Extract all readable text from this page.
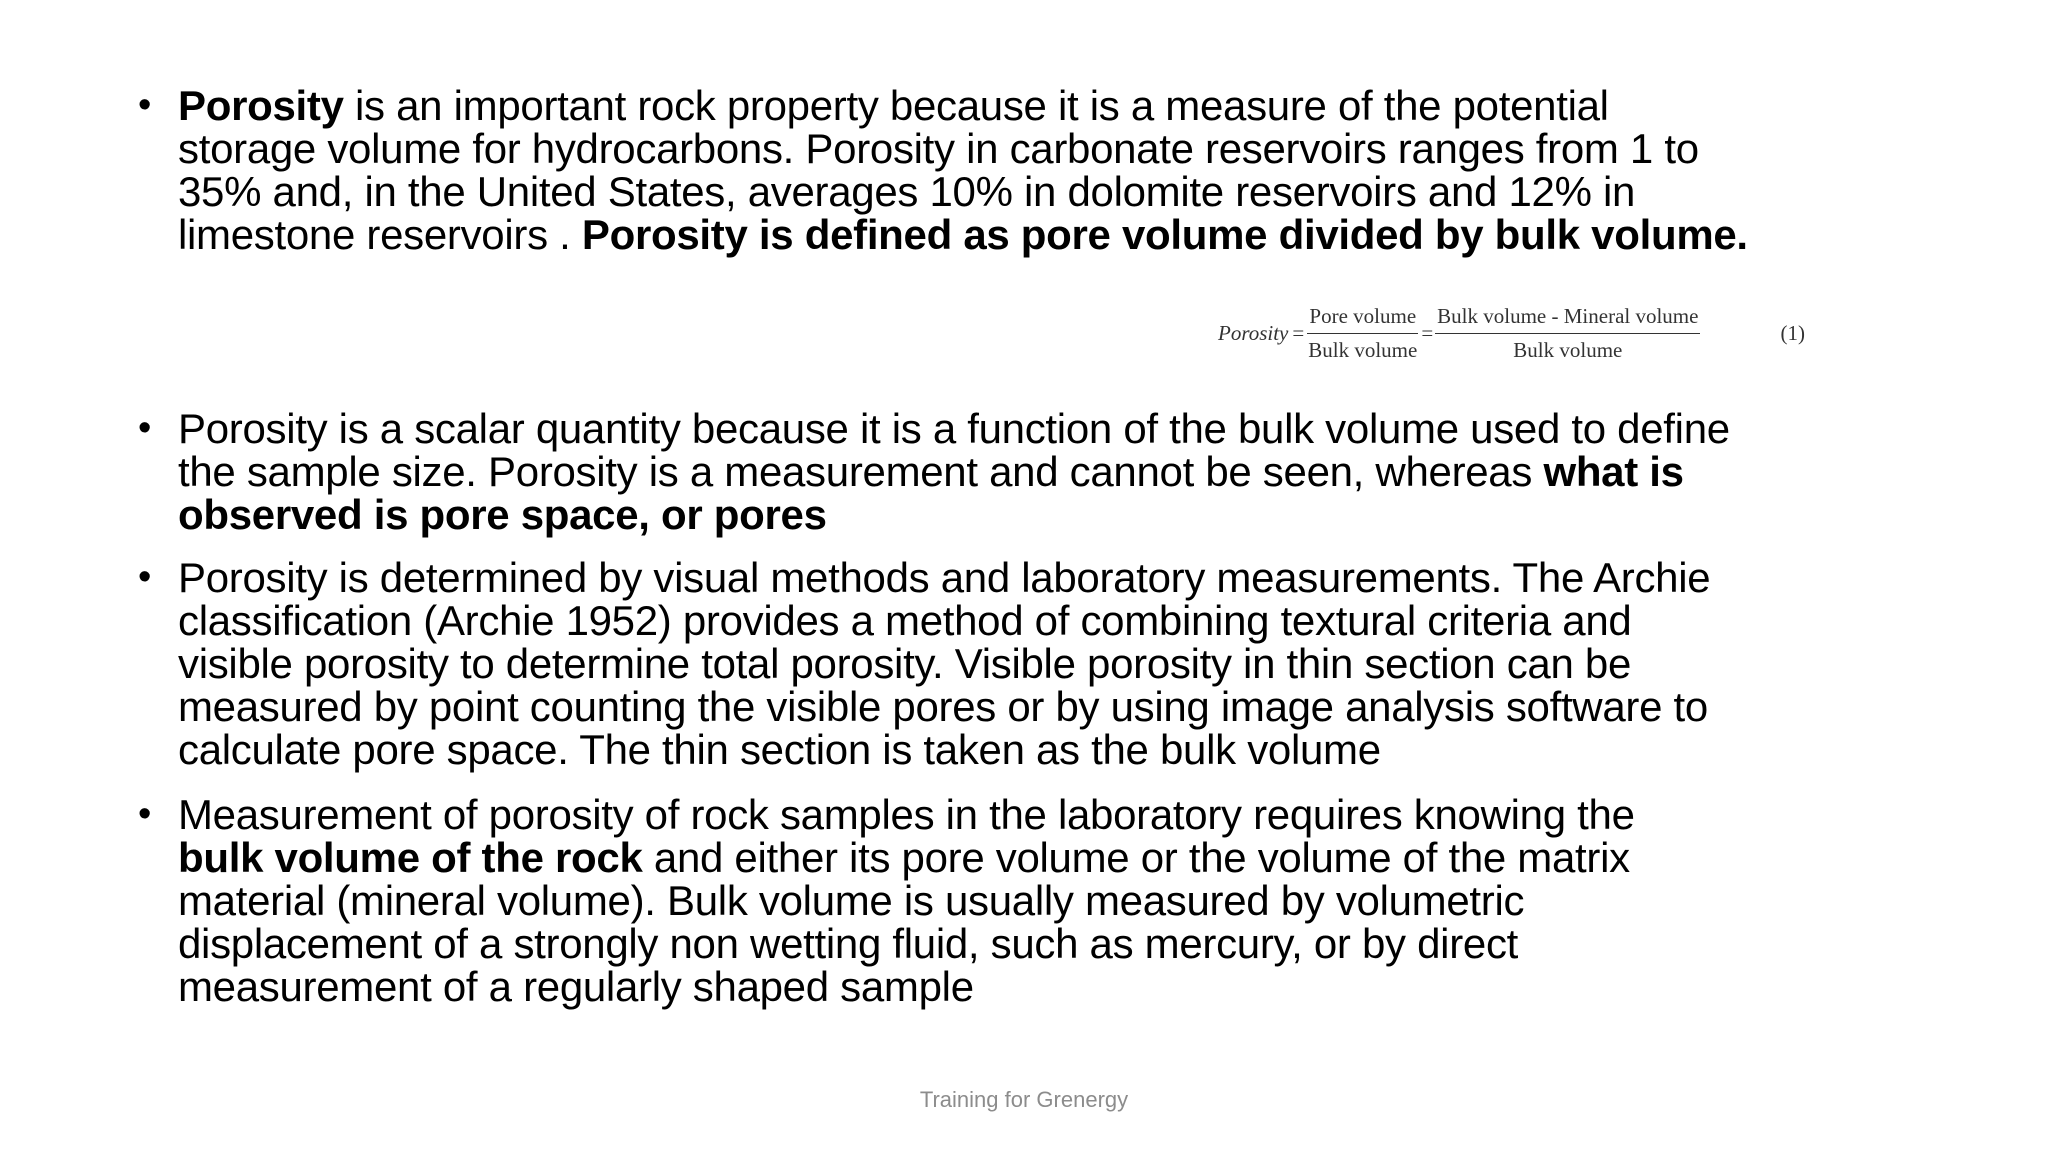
• Porosity is an important rock property because it is a measure of the potential
storage volume for hydrocarbons. Porosity in carbonate reservoirs ranges from 1 to
35% and, in the United States, averages 10% in dolomite reservoirs and 12% in
limestone reservoirs . Porosity is defined as pore volume divided by bulk volume.
Porosity = $\frac{\text{Pore volume}}{\text{Bulk volume}} = \frac{\text{Bulk volume - Mineral volume}}{\text{Bulk volume}}$	(1)
• Porosity is a scalar quantity because it is a function of the bulk volume used to define
the sample size. Porosity is a measurement and cannot be seen, whereas what is
observed is pore space, or pores
• Porosity is determined by visual methods and laboratory measurements. The Archie
classification (Archie 1952) provides a method of combining textural criteria and
visible porosity to determine total porosity. Visible porosity in thin section can be
measured by point counting the visible pores or by using image analysis software to
calculate pore space. The thin section is taken as the bulk volume
• Measurement of porosity of rock samples in the laboratory requires knowing the
bulk volume of the rock and either its pore volume or the volume of the matrix
material (mineral volume). Bulk volume is usually measured by volumetric
displacement of a strongly non wetting fluid, such as mercury, or by direct
measurement of a regularly shaped sample
Training for Grenergy
